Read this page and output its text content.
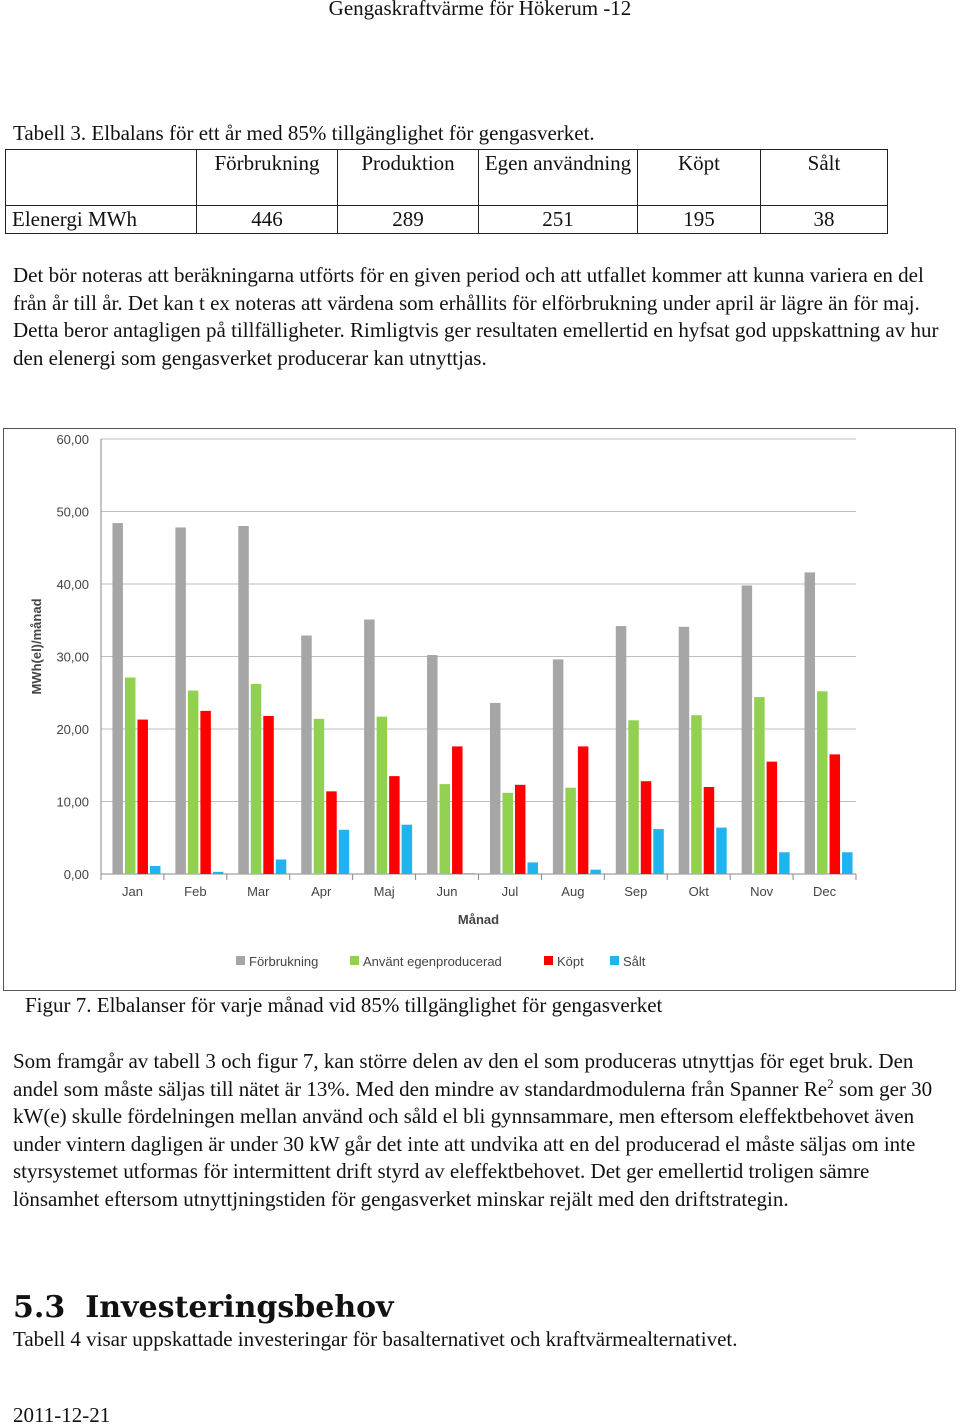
Gengaskraftvärme för Hökerum -12
Tabell 3. Elbalans för ett år med 85% tillgänglighet för gengasverket.
	Förbrukning	Produktion	Egen användning	Köpt	Sålt
Elenergi MWh	446	289	251	195	38
Det bör noteras att beräkningarna utförts för en given period och att utfallet kommer att kunna variera en del från år till år. Det kan t ex noteras att värdena som erhållits för elförbrukning under april är lägre än för maj. Detta beror antagligen på tillfälligheter. Rimligtvis ger resultaten emellertid en hyfsat god uppskattning av hur den elenergi som gengasverket producerar kan utnyttjas.
0,00
10,00
20,00
30,00
40,00
50,00
60,00
Jan	Feb	Mar	Apr	Maj	Jun	Jul	Aug	Sep	Okt	Nov	Dec
Månad
MWh(el)/månad
Förbrukning	Använt egenproducerad	Köpt	Sålt
Figur 7. Elbalanser för varje månad vid 85% tillgänglighet för gengasverket
Som framgår av tabell 3 och figur 7, kan större delen av den el som produceras utnyttjas för eget bruk. Den andel som måste säljas till nätet är 13%. Med den mindre av standardmodulerna från Spanner Re$^2$ som ger 30 kW(e) skulle fördelningen mellan använd och såld el bli gynnsammare, men eftersom eleffektbehovet även under vintern dagligen är under 30 kW går det inte att undvika att en del producerad el måste säljas om inte styrsystemet utformas för intermittent drift styrd av eleffektbehovet. Det ger emellertid troligen sämre lönsamhet eftersom utnyttjningstiden för gengasverket minskar rejält med den driftstrategin.
5.3 Investeringsbehov
Tabell 4 visar uppskattade investeringar för basalternativet och kraftvärmealternativet.
2011-12-21
